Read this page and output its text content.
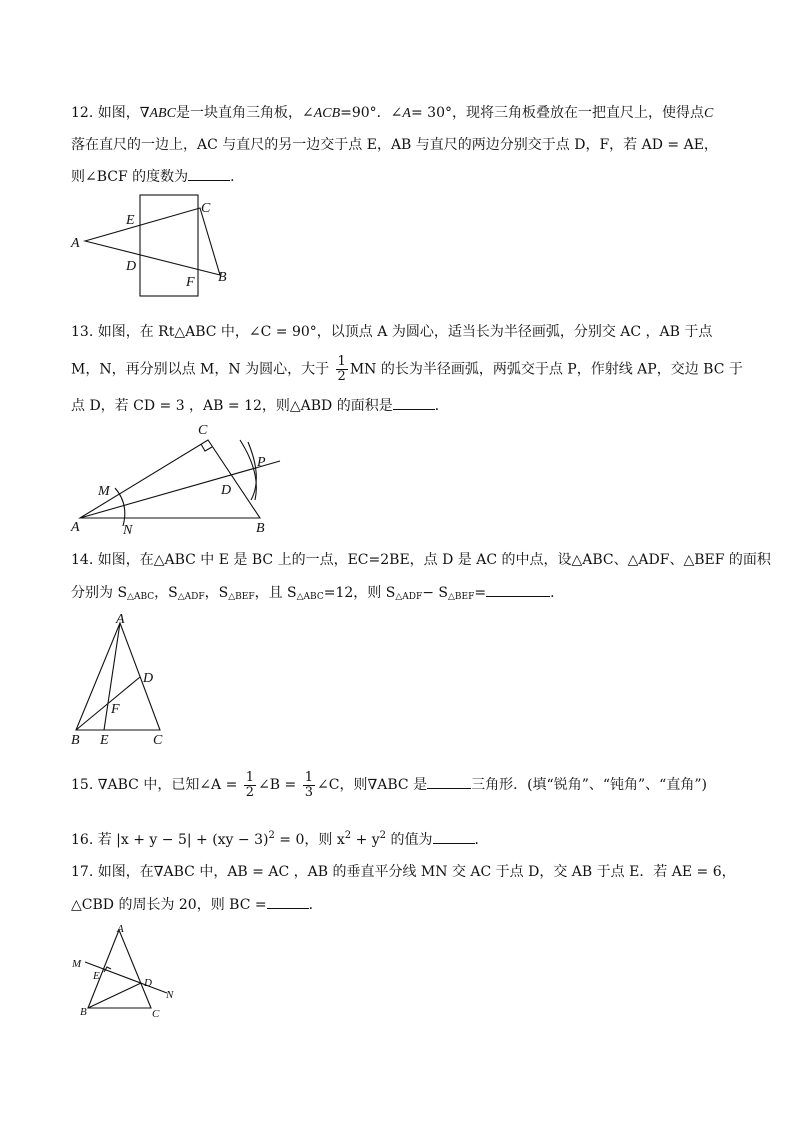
12. 如图，∇ABC是一块直角三角板，∠ACB=90°．∠A= 30°，现将三角板叠放在一把直尺上，使得点C
落在直尺的一边上，AC 与直尺的另一边交于点 E，AB 与直尺的两边分别交于点 D，F，若 AD = AE，
则∠BCF 的度数为	．
A
E
C
D
F B
13. 如图，在 Rt△ABC 中，∠C = 90°，以顶点 A 为圆心，适当长为半径画弧，分别交 AC ，AB 于点
M，N，再分别以点 M，N 为圆心，大于 $\frac{1}{2}$ MN 的长为半径画弧，两弧交于点 P，作射线 AP，交边 BC 于
点 D，若 CD = 3 ，AB = 12，则△ABD 的面积是	．
C
P
M	D
A	N	B
14. 如图，在△ABC 中 E 是 BC 上的一点，EC=2BE，点 D 是 AC 的中点，设△ABC、△ADF、△BEF 的面积
分别为 $S_{\triangle ABC}$，$S_{\triangle ADF}$，$S_{\triangle BEF}$，且 $S_{\triangle ABC}=12$，则 $S_{\triangle ADF}- S_{\triangle BEF}=$	．
A
D
F
B E	C
15. ∇ABC 中，已知∠A = $\frac{1}{2}$ ∠B = $\frac{1}{3}$ ∠C，则∇ABC 是	三角形．(填“锐角”、“钝角”、“直角”)
16. 若 |x + y − 5| + (xy − 3)$^2$ = 0，则 $x^2 + y^2$ 的值为	．
17. 如图，在∇ABC 中，AB = AC ，AB 的垂直平分线 MN 交 AC 于点 D，交 AB 于点 E．若 AE = 6，
△CBD 的周长为 20，则 BC =	．
A
M
E
D
N
B	C
